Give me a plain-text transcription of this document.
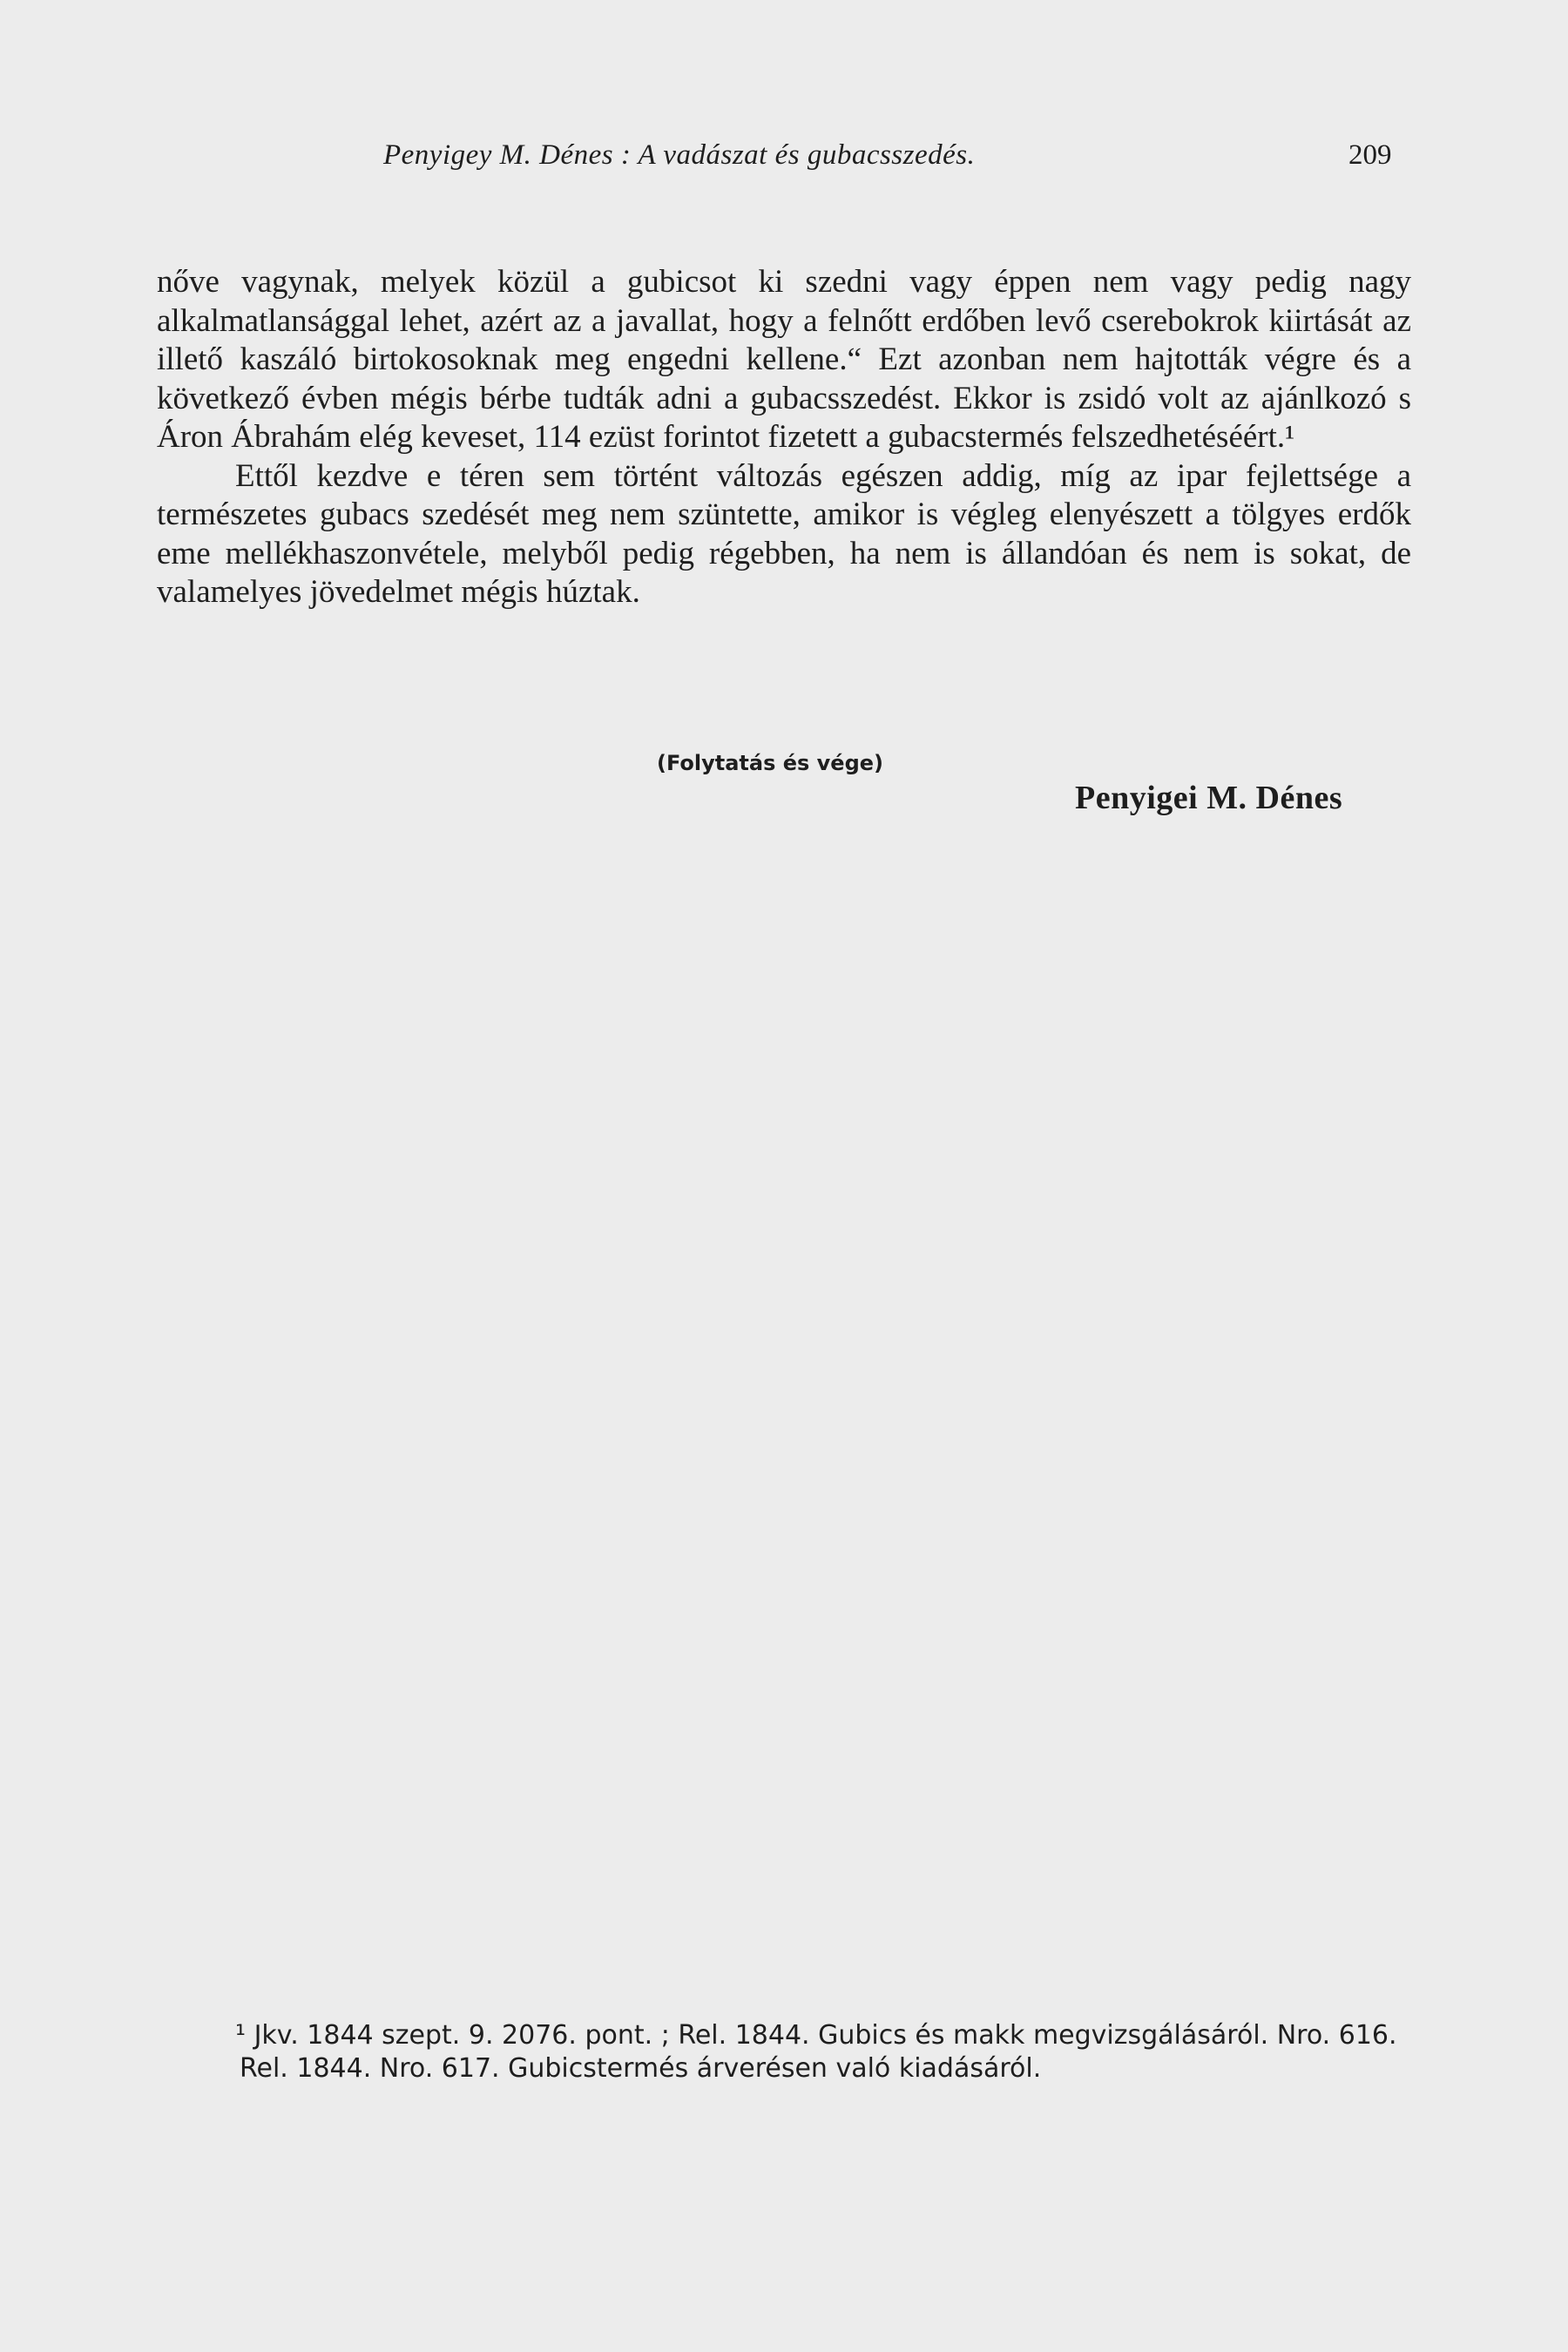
Penyigey M. Dénes : A vadászat és gubacsszedés.	209

nőve vagynak, melyek közül a gubicsot ki szedni vagy éppen nem vagy pedig nagy alkalmatlansággal lehet, azért az a javallat, hogy a felnőtt erdőben levő cserebokrok kiirtását az illető kaszáló birtokosoknak meg engedni kellene.“ Ezt azonban nem hajtották végre és a következő évben mégis bérbe tudták adni a gubacsszedést. Ekkor is zsidó volt az ajánlkozó s Áron Ábrahám elég keveset, 114 ezüst forintot fizetett a gubacstermés felszedhetéséért.¹

Ettől kezdve e téren sem történt változás egészen addig, míg az ipar fejlettsége a természetes gubacs szedését meg nem szüntette, amikor is végleg elenyészett a tölgyes erdők eme mellékhaszonvétele, melyből pedig régebben, ha nem is állandóan és nem is sokat, de valamelyes jövedelmet mégis húztak.

(Folytatás és vége)
Penyigei M. Dénes

¹ Jkv. 1844 szept. 9. 2076. pont. ; Rel. 1844. Gubics és makk megvizsgálásáról. Nro. 616.

Rel. 1844. Nro. 617. Gubicstermés árverésen való kiadásáról.
